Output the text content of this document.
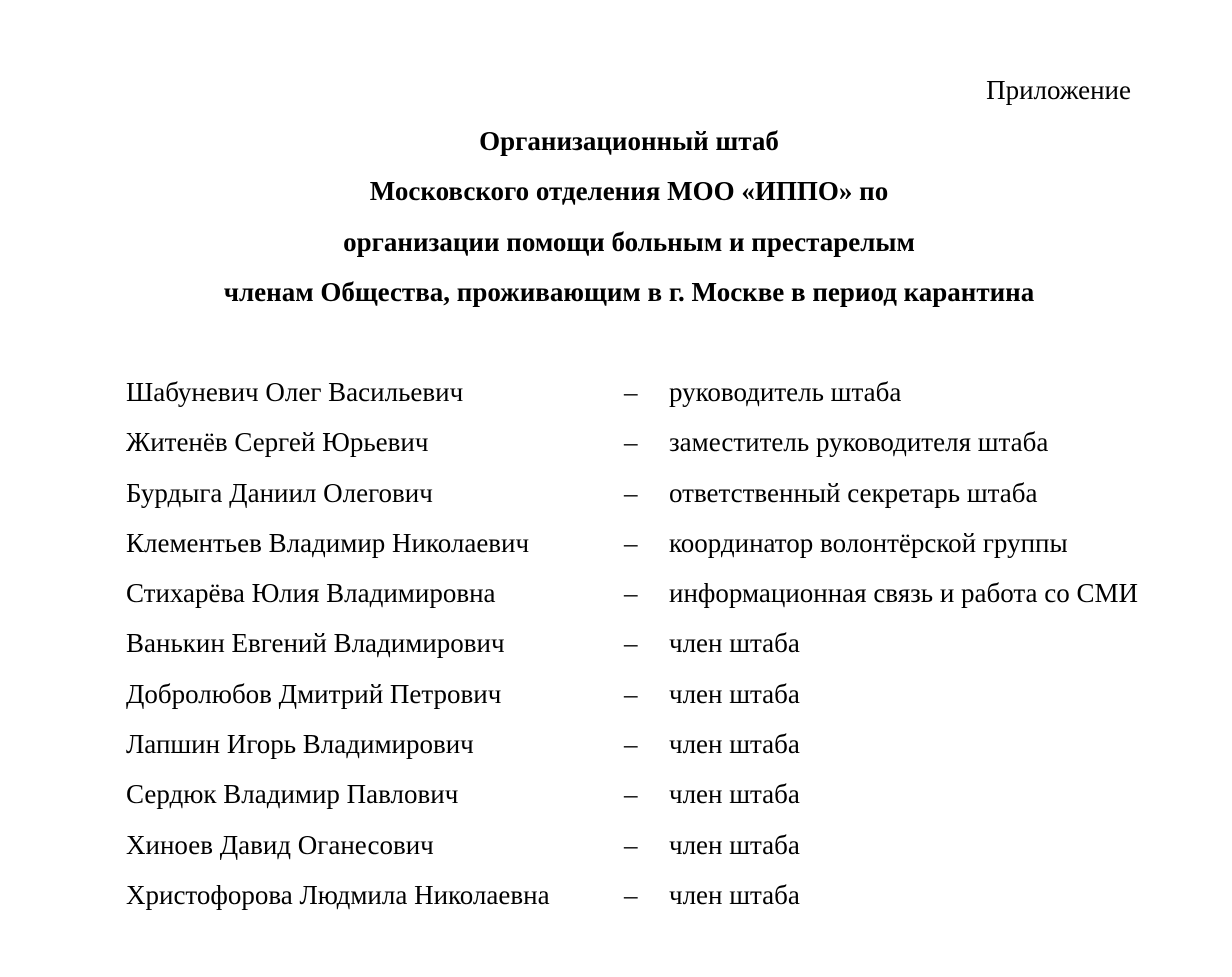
Приложение
Организационный штаб
Московского отделения МОО «ИППО» по
организации помощи больным и престарелым
членам Общества, проживающим в г. Москве в период карантина
Шабуневич Олег Васильевич	– руководитель штаба
Житенёв Сергей Юрьевич	– заместитель руководителя штаба
Бурдыга Даниил Олегович	– ответственный секретарь штаба
Клементьев Владимир Николаевич	– координатор волонтёрской группы
Стихарёва Юлия Владимировна	– информационная связь и работа со СМИ
Ванькин Евгений Владимирович	– член штаба
Добролюбов Дмитрий Петрович	– член штаба
Лапшин Игорь Владимирович	– член штаба
Сердюк Владимир Павлович	– член штаба
Хиноев Давид Оганесович	– член штаба
Христофорова Людмила Николаевна	– член штаба
